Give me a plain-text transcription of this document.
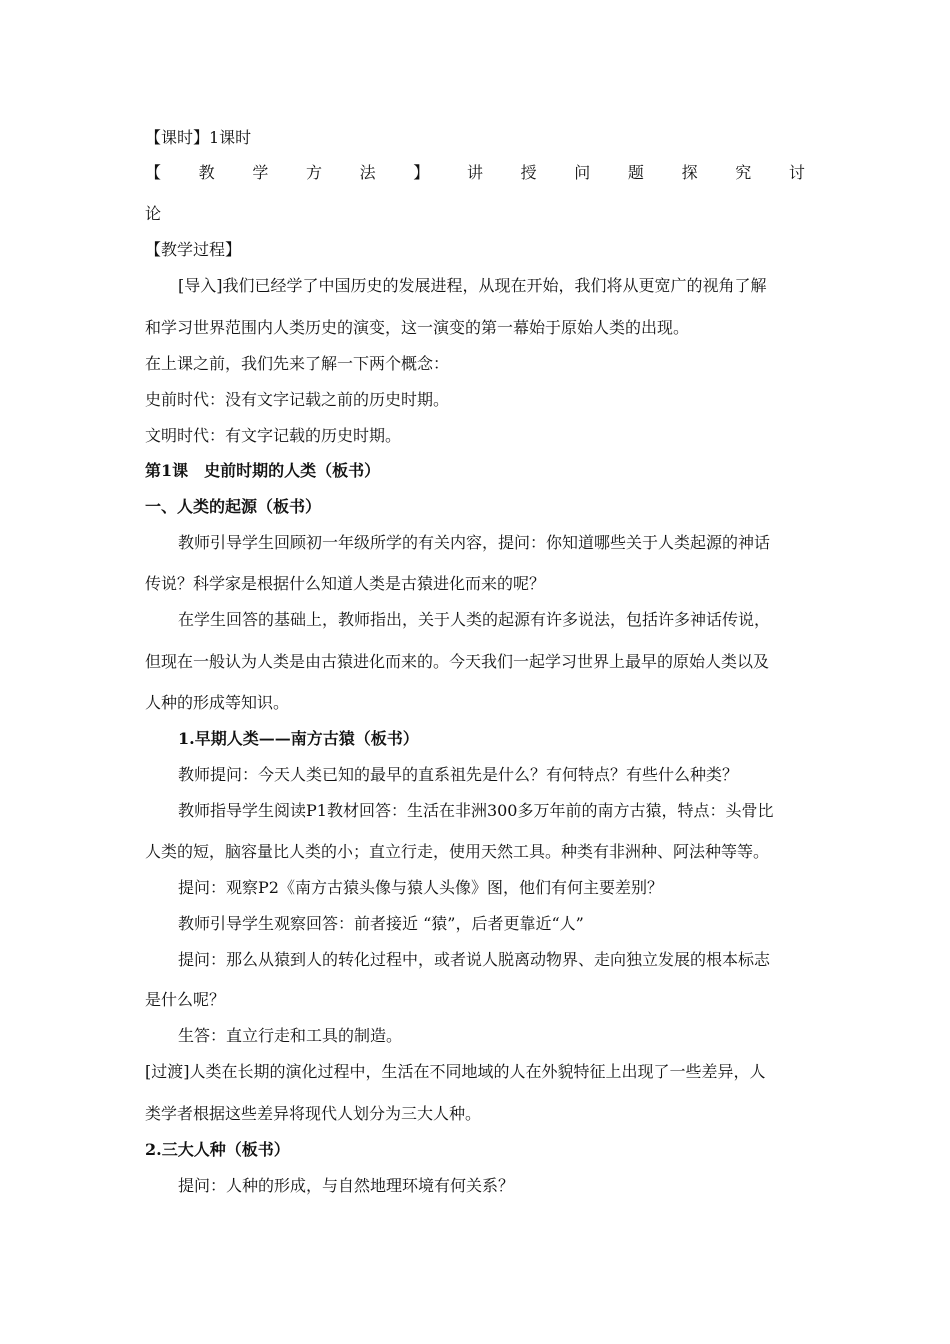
【课时】1课时
【 教 学 方 法 】 讲 授 问 题 探 究 讨
论
【教学过程】
[导入]我们已经学了中国历史的发展进程，从现在开始，我们将从更宽广的视角了解
和学习世界范围内人类历史的演变，这一演变的第一幕始于原始人类的出现。
在上课之前，我们先来了解一下两个概念：
史前时代：没有文字记载之前的历史时期。
文明时代：有文字记载的历史时期。
第1课　史前时期的人类（板书）
一、人类的起源（板书）
教师引导学生回顾初一年级所学的有关内容，提问：你知道哪些关于人类起源的神话
传说？科学家是根据什么知道人类是古猿进化而来的呢？
在学生回答的基础上，教师指出，关于人类的起源有许多说法，包括许多神话传说，
但现在一般认为人类是由古猿进化而来的。今天我们一起学习世界上最早的原始人类以及
人种的形成等知识。
1.早期人类——南方古猿（板书）
教师提问：今天人类已知的最早的直系祖先是什么？有何特点？有些什么种类？
教师指导学生阅读P1教材回答：生活在非洲300多万年前的南方古猿，特点：头骨比
人类的短，脑容量比人类的小；直立行走，使用天然工具。种类有非洲种、阿法种等等。
提问：观察P2《南方古猿头像与猿人头像》图，他们有何主要差别？
教师引导学生观察回答：前者接近 “猿”，后者更靠近“人”
提问：那么从猿到人的转化过程中，或者说人脱离动物界、走向独立发展的根本标志
是什么呢？
生答：直立行走和工具的制造。
[过渡]人类在长期的演化过程中，生活在不同地域的人在外貌特征上出现了一些差异，人
类学者根据这些差异将现代人划分为三大人种。
2.三大人种（板书）
提问：人种的形成，与自然地理环境有何关系？
